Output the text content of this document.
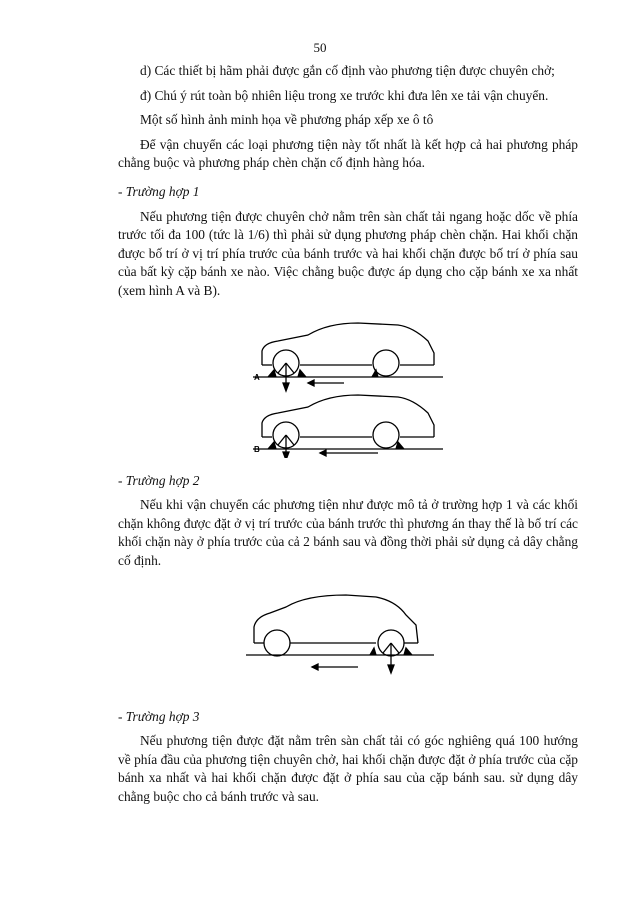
50

d) Các thiết bị hãm phải được gắn cố định vào phương tiện được chuyên chở;

đ) Chú ý rút toàn bộ nhiên liệu trong xe trước khi đưa lên xe tải vận chuyển.

Một số hình ảnh minh họa về phương pháp xếp xe ô tô

Để vận chuyển các loại phương tiện này tốt nhất là kết hợp cả hai phương pháp chằng buộc và phương pháp chèn chặn cố định hàng hóa.

- Trường hợp 1

Nếu phương tiện được chuyên chở nằm trên sàn chất tải ngang hoặc dốc về phía trước tối đa 100 (tức là 1/6) thì phải sử dụng phương pháp chèn chặn. Hai khối chặn được bố trí ở vị trí phía trước của bánh trước và hai khối chặn được bố trí ở phía sau của bất kỳ cặp bánh xe nào. Việc chằng buộc được áp dụng cho cặp bánh xe xa nhất (xem hình A và B).

A
B

- Trường hợp 2

Nếu khi vận chuyển các phương tiện như được mô tả ở trường hợp 1 và các khối chặn không được đặt ở vị trí trước của bánh trước thì phương án thay thế là bố trí các khối chặn này ở phía trước của cả 2 bánh sau và đồng thời phải sử dụng cả dây chằng cố định.

- Trường hợp 3

Nếu phương tiện được đặt nằm trên sàn chất tải có góc nghiêng quá 100 hướng về phía đầu của phương tiện chuyên chở, hai khối chặn được đặt ở phía trước của cặp bánh xa nhất và hai khối chặn được đặt ở phía sau của cặp bánh sau. sử dụng dây chằng buộc cho cả bánh trước và sau.
